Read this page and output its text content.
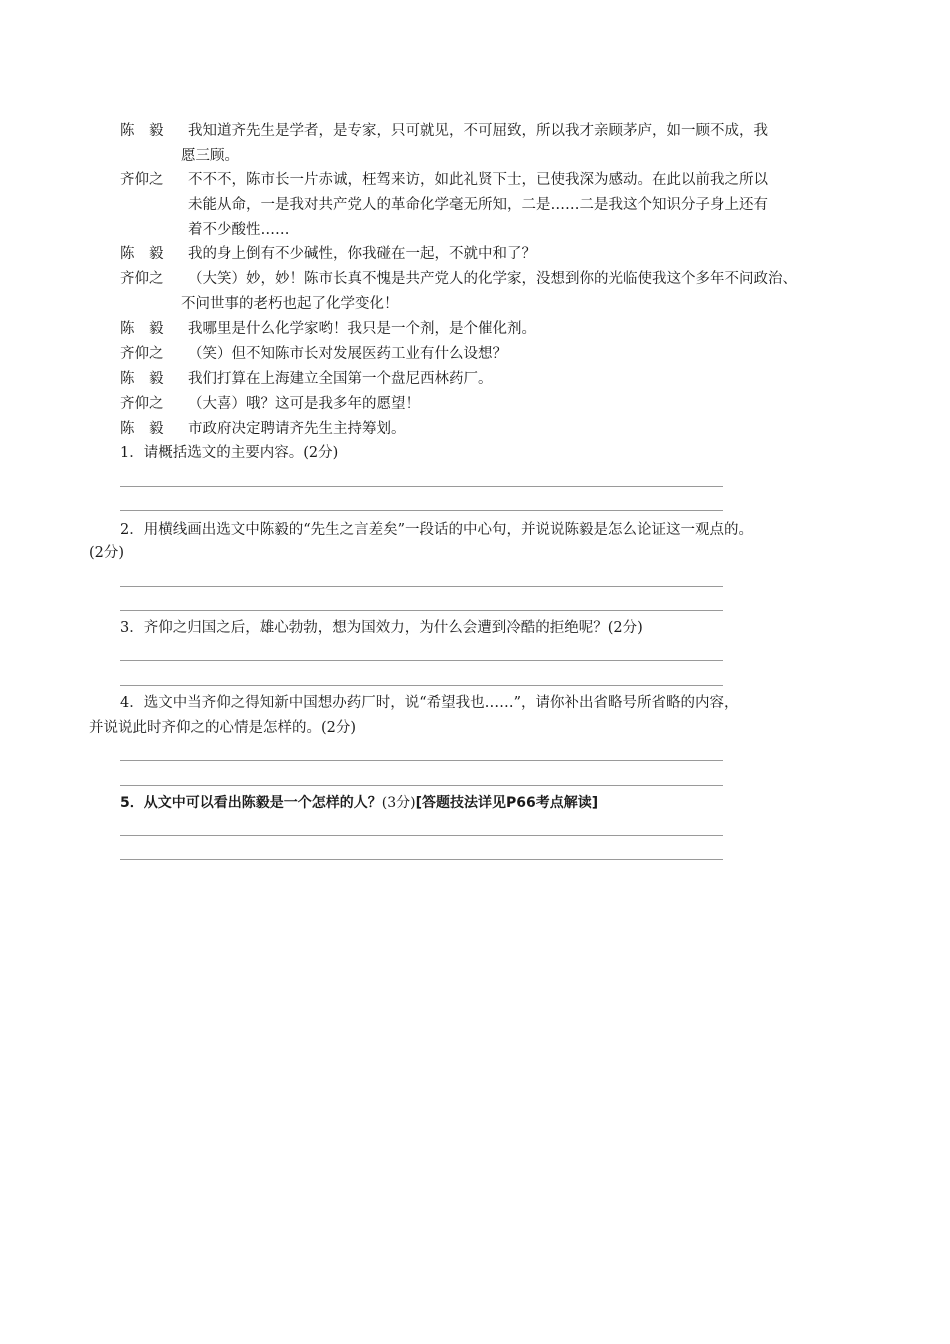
陈　毅 我知道齐先生是学者，是专家，只可就见，不可屈致，所以我才亲顾茅庐，如一顾不成，我
愿三顾。
齐仰之 不不不，陈市长一片赤诚，枉驾来访，如此礼贤下士，已使我深为感动。在此以前我之所以
未能从命，一是我对共产党人的革命化学毫无所知，二是……二是我这个知识分子身上还有
着不少酸性……
陈　毅 我的身上倒有不少碱性，你我碰在一起，不就中和了？
齐仰之 （大笑）妙，妙！陈市长真不愧是共产党人的化学家，没想到你的光临使我这个多年不问政治、
不问世事的老朽也起了化学变化！
陈　毅 我哪里是什么化学家哟！我只是一个剂，是个催化剂。
齐仰之 （笑）但不知陈市长对发展医药工业有什么设想？
陈　毅 我们打算在上海建立全国第一个盘尼西林药厂。
齐仰之 （大喜）哦？这可是我多年的愿望！
陈　毅 市政府决定聘请齐先生主持筹划。
1．请概括选文的主要内容。(2分)
2．用横线画出选文中陈毅的“先生之言差矣”一段话的中心句，并说说陈毅是怎么论证这一观点的。
(2分)
3．齐仰之归国之后，雄心勃勃，想为国效力，为什么会遭到冷酷的拒绝呢？(2分)
4．选文中当齐仰之得知新中国想办药厂时，说“希望我也……”，请你补出省略号所省略的内容，
并说说此时齐仰之的心情是怎样的。(2分)
5．从文中可以看出陈毅是一个怎样的人？(3分)[答题技法详见P66考点解读]
